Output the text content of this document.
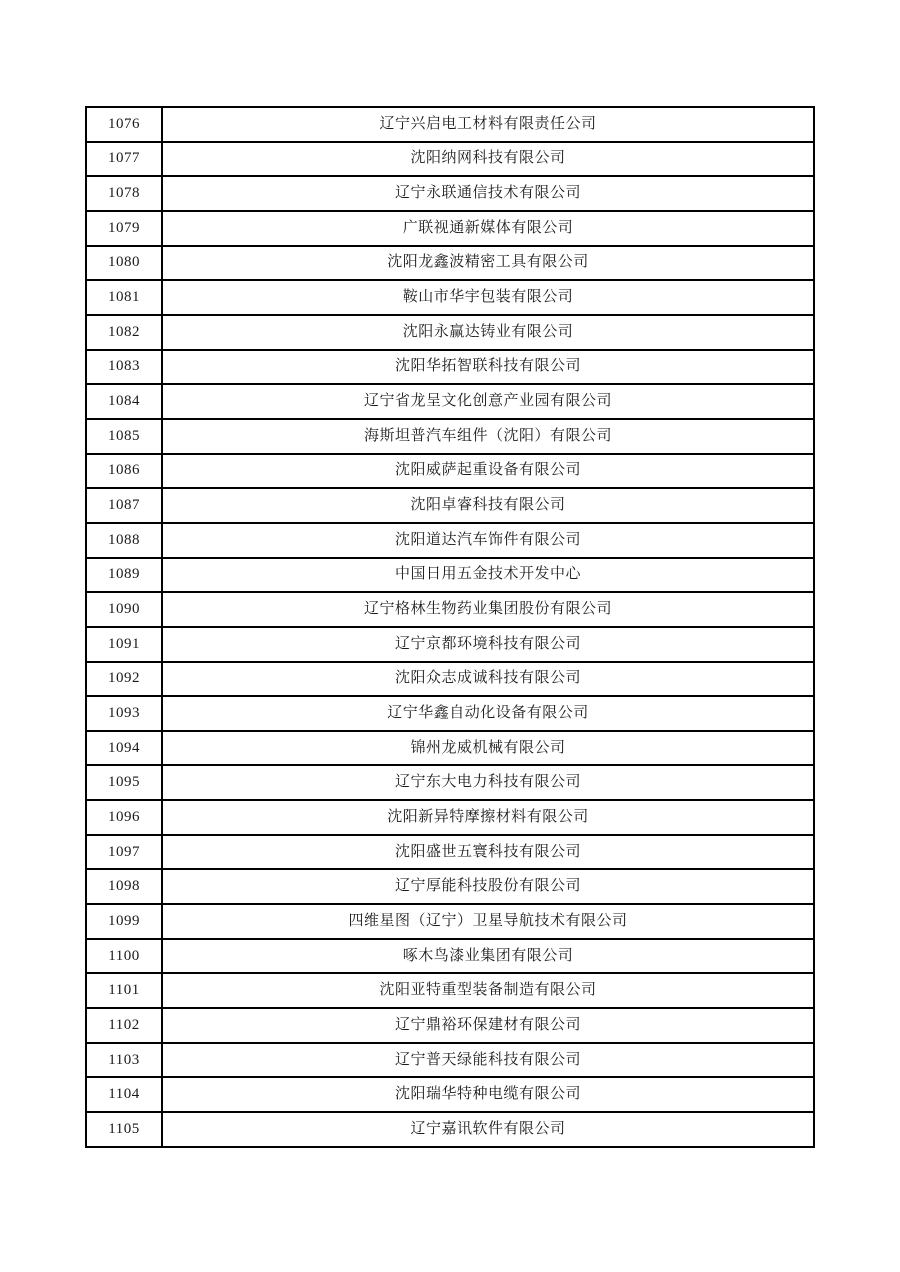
1076	辽宁兴启电工材料有限责任公司
1077	沈阳纳网科技有限公司
1078	辽宁永联通信技术有限公司
1079	广联视通新媒体有限公司
1080	沈阳龙鑫波精密工具有限公司
1081	鞍山市华宇包装有限公司
1082	沈阳永赢达铸业有限公司
1083	沈阳华拓智联科技有限公司
1084	辽宁省龙呈文化创意产业园有限公司
1085	海斯坦普汽车组件（沈阳）有限公司
1086	沈阳威萨起重设备有限公司
1087	沈阳卓睿科技有限公司
1088	沈阳道达汽车饰件有限公司
1089	中国日用五金技术开发中心
1090	辽宁格林生物药业集团股份有限公司
1091	辽宁京都环境科技有限公司
1092	沈阳众志成诚科技有限公司
1093	辽宁华鑫自动化设备有限公司
1094	锦州龙威机械有限公司
1095	辽宁东大电力科技有限公司
1096	沈阳新异特摩擦材料有限公司
1097	沈阳盛世五寰科技有限公司
1098	辽宁厚能科技股份有限公司
1099	四维星图（辽宁）卫星导航技术有限公司
1100	啄木鸟漆业集团有限公司
1101	沈阳亚特重型装备制造有限公司
1102	辽宁鼎裕环保建材有限公司
1103	辽宁普天绿能科技有限公司
1104	沈阳瑞华特种电缆有限公司
1105	辽宁嘉讯软件有限公司
